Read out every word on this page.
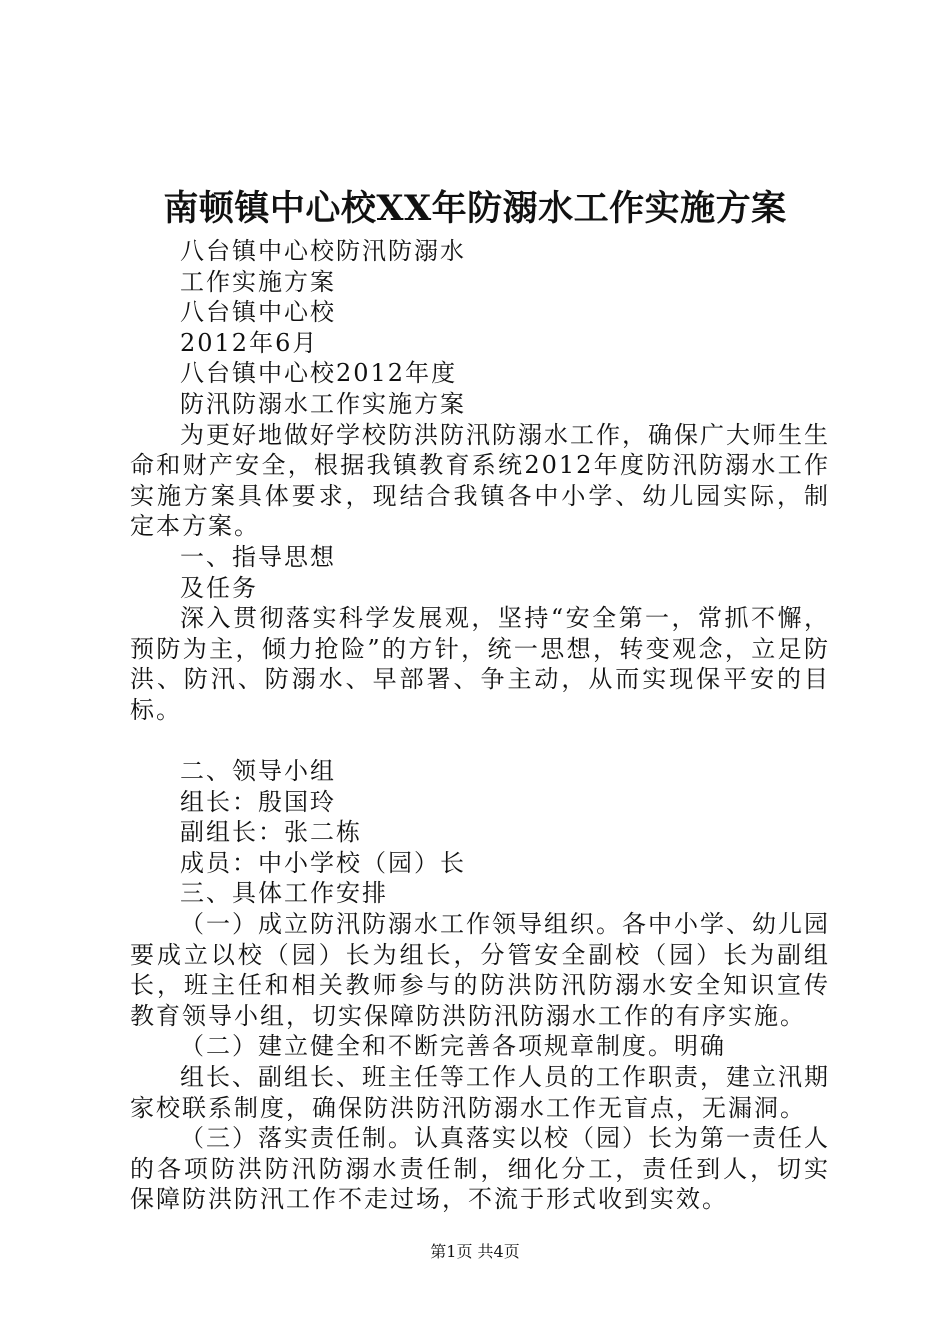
南顿镇中心校XX年防溺水工作实施方案
八台镇中心校防汛防溺水
工作实施方案
八台镇中心校
2012年6月
八台镇中心校2012年度
防汛防溺水工作实施方案
为更好地做好学校防洪防汛防溺水工作，确保广大师生生命和财产安全，根据我镇教育系统2012年度防汛防溺水工作实施方案具体要求，现结合我镇各中小学、幼儿园实际，制定本方案。
一、指导思想
及任务
深入贯彻落实科学发展观，坚持“安全第一，常抓不懈，预防为主，倾力抢险”的方针，统一思想，转变观念，立足防洪、防汛、防溺水、早部署、争主动，从而实现保平安的目标。
二、领导小组
组长：殷国玲
副组长：张二栋
成员：中小学校（园）长
三、具体工作安排
（一）成立防汛防溺水工作领导组织。各中小学、幼儿园要成立以校（园）长为组长，分管安全副校（园）长为副组长，班主任和相关教师参与的防洪防汛防溺水安全知识宣传教育领导小组，切实保障防洪防汛防溺水工作的有序实施。
（二）建立健全和不断完善各项规章制度。明确
组长、副组长、班主任等工作人员的工作职责，建立汛期家校联系制度，确保防洪防汛防溺水工作无盲点，无漏洞。
（三）落实责任制。认真落实以校（园）长为第一责任人的各项防洪防汛防溺水责任制，细化分工，责任到人，切实保障防洪防汛工作不走过场，不流于形式收到实效。
第1页 共4页
